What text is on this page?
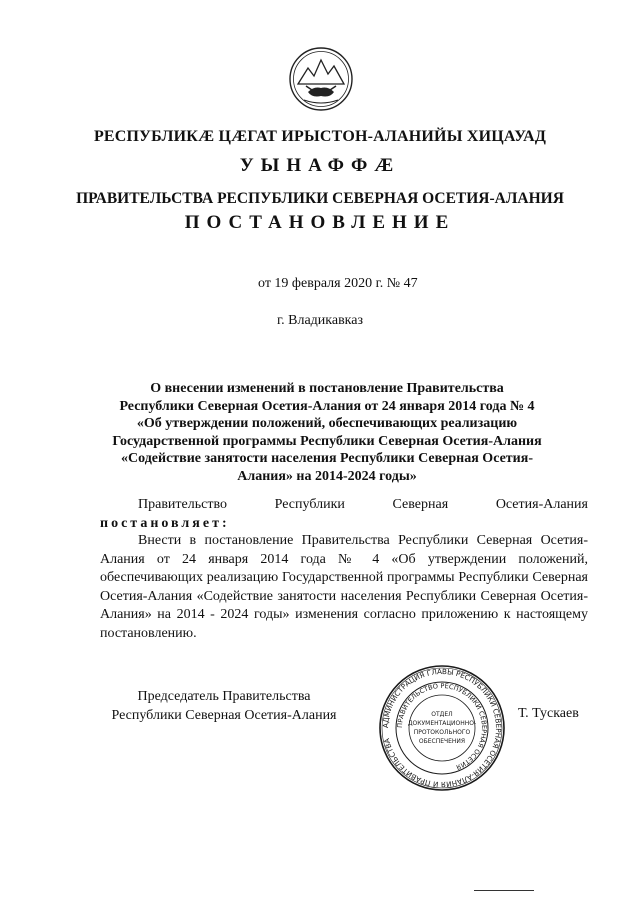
РЕСПУБЛИКӔ ЦӔГАТ ИРЫСТОН-АЛАНИЙЫ ХИЦАУАД
УЫНАФФӔ
ПРАВИТЕЛЬСТВА РЕСПУБЛИКИ СЕВЕРНАЯ ОСЕТИЯ-АЛАНИЯ
ПОСТАНОВЛЕНИЕ
от 19 февраля 2020 г. № 47
г. Владикавказ
О внесении изменений в постановление Правительства
Республики Северная Осетия-Алания от 24 января 2014 года № 4
«Об утверждении положений, обеспечивающих реализацию
Государственной программы Республики Северная Осетия-Алания
«Содействие занятости населения Республики Северная Осетия-
Алания» на 2014-2024 годы»
Правительство	Республики	Северная	Осетия-Алания
постановляет:
Внести в постановление Правительства Республики Северная Осетия-Алания от 24 января 2014 года № 4 «Об утверждении положений, обеспечивающих реализацию Государственной программы Республики Северная Осетия-Алания «Содействие занятости населения Республики Северная Осетия-Алания» на 2014 - 2024 годы» изменения согласно приложению к настоящему постановлению.
Председатель Правительства
Республики Северная Осетия-Алания
АДМИНИСТРАЦИЯ ГЛАВЫ РЕСПУБЛИКИ СЕВЕРНАЯ ОСЕТИЯ-АЛАНИЯ И ПРАВИТЕЛЬСТВА
ПРАВИТЕЛЬСТВО РЕСПУБЛИКИ СЕВЕРНАЯ ОСЕТИЯ
ОТДЕЛ
ДОКУМЕНТАЦИОННО-
ПРОТОКОЛЬНОГО
ОБЕСПЕЧЕНИЯ
Т. Тускаев
